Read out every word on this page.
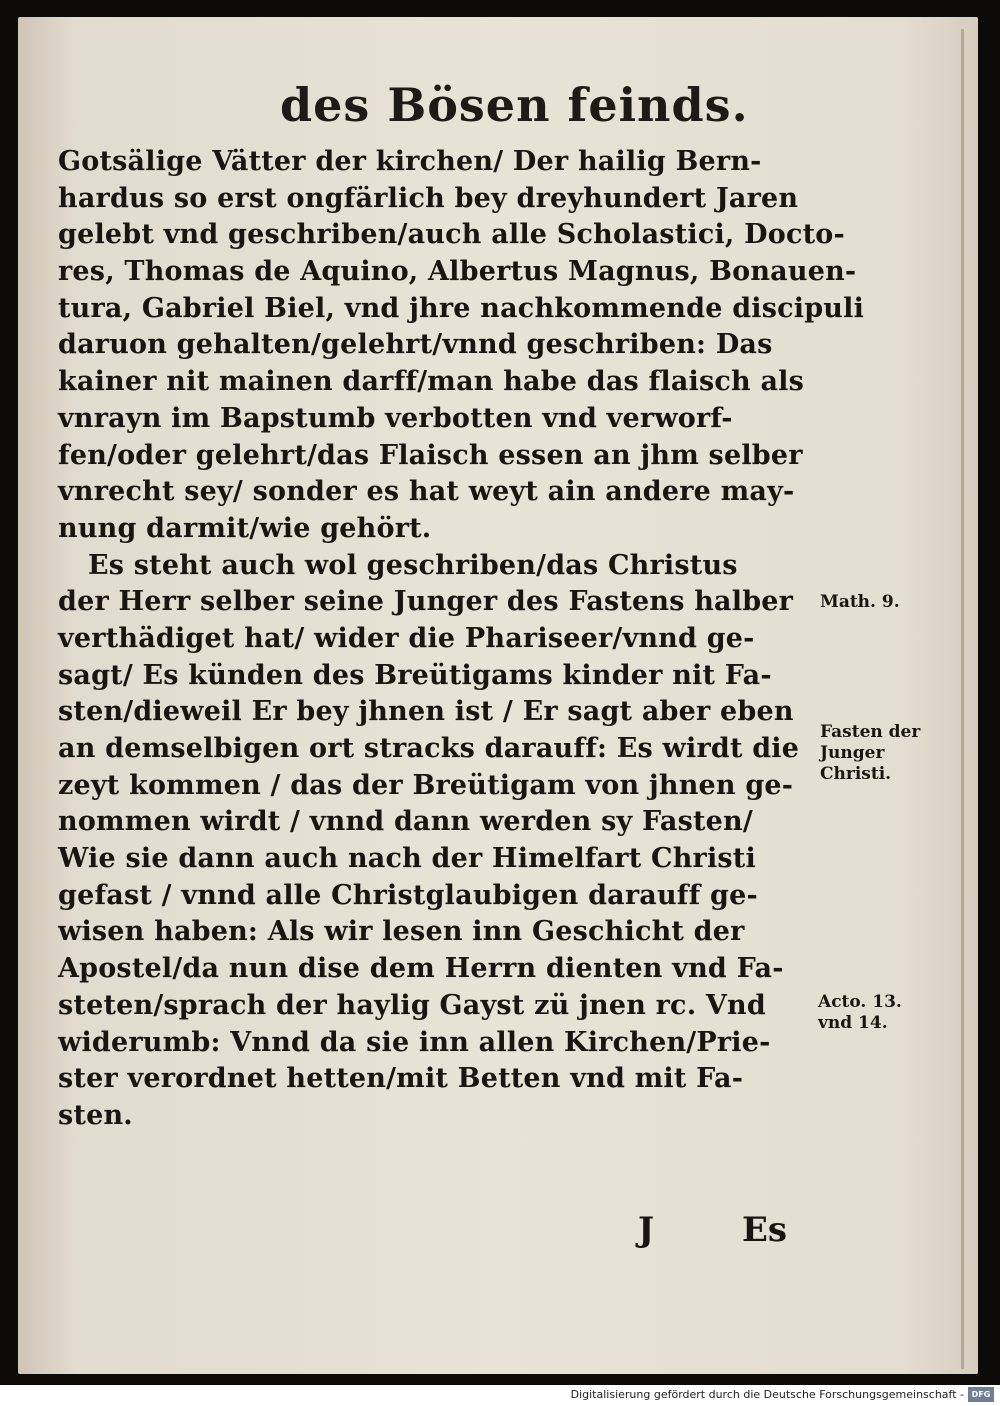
des Bösen feinds.
Gotsälige Vätter der kirchen/ Der hailig Bern-
hardus so erst ongfärlich bey dreyhundert Jaren
gelebt vnd geschriben/auch alle Scholastici, Docto-
res, Thomas de Aquino, Albertus Magnus, Bonauen-
tura, Gabriel Biel, vnd jhre nachkommende discipuli
daruon gehalten/gelehrt/vnnd geschriben: Das
kainer nit mainen darff/man habe das flaisch als
vnrayn im Bapstumb verbotten vnd verworf-
fen/oder gelehrt/das Flaisch essen an jhm selber
vnrecht sey/ sonder es hat weyt ain andere may-
nung darmit/wie gehört.
Es steht auch wol geschriben/das Christus
der Herr selber seine Junger des Fastens halber
verthädiget hat/ wider die Phariseer/vnnd ge-
sagt/ Es künden des Breütigams kinder nit Fa-
sten/dieweil Er bey jhnen ist / Er sagt aber eben
an demselbigen ort stracks darauff: Es wirdt die
zeyt kommen / das der Breütigam von jhnen ge-
nommen wirdt / vnnd dann werden sy Fasten/
Wie sie dann auch nach der Himelfart Christi
gefast / vnnd alle Christglaubigen darauff ge-
wisen haben: Als wir lesen inn Geschicht der
Apostel/da nun dise dem Herrn dienten vnd Fa-
steten/sprach der haylig Gayst zü jnen rc. Vnd
widerumb: Vnnd da sie inn allen Kirchen/Prie-
ster verordnet hetten/mit Betten vnd mit Fa-
sten.
Math. 9.
Fasten der
Junger
Christi.
Acto. 13.
vnd 14.
J	Es
Digitalisierung gefördert durch die Deutsche Forschungsgemeinschaft - DFG
